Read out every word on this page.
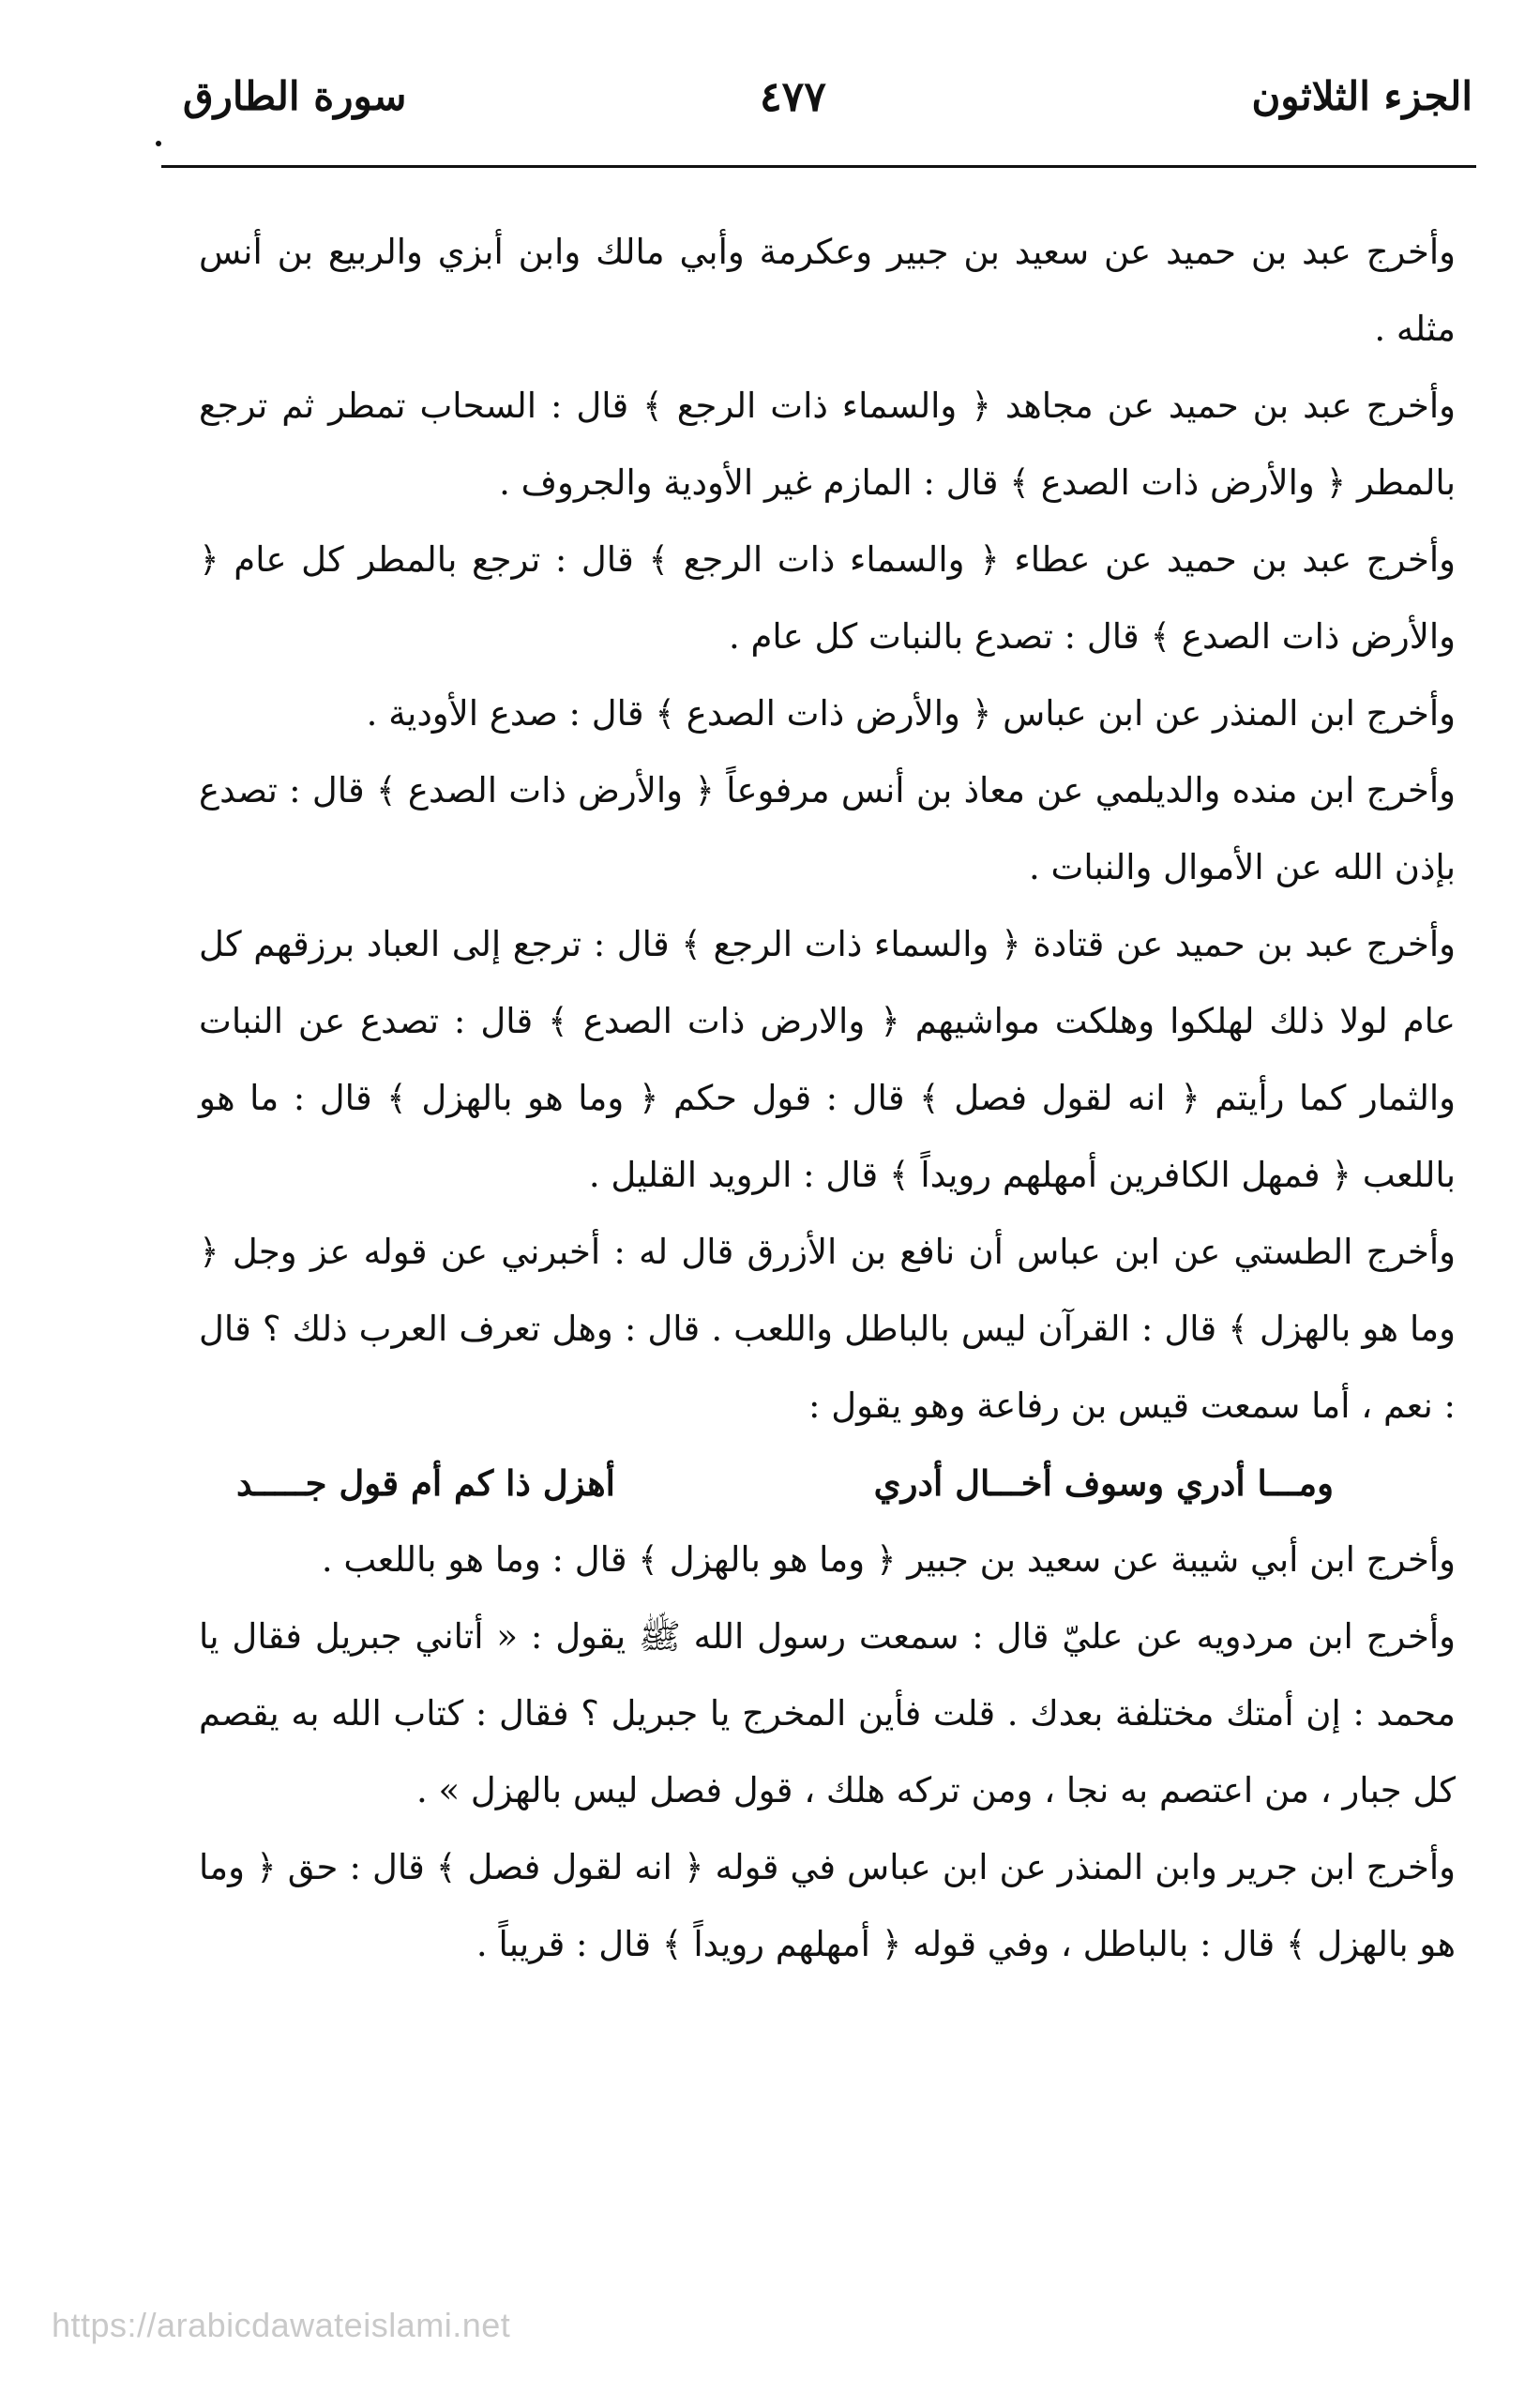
الجزء الثلاثون
٤٧٧
سورة الطارق

وأخرج عبد بن حميد عن سعيد بن جبير وعكرمة وأبي مالك وابن أبزي والربيع بن أنس مثله .

وأخرج عبد بن حميد عن مجاهد ﴿ والسماء ذات الرجع ﴾ قال : السحاب تمطر ثم ترجع بالمطر ﴿ والأرض ذات الصدع ﴾ قال : المازم غير الأودية والجروف .

وأخرج عبد بن حميد عن عطاء ﴿ والسماء ذات الرجع ﴾ قال : ترجع بالمطر كل عام ﴿ والأرض ذات الصدع ﴾ قال : تصدع بالنبات كل عام .

وأخرج ابن المنذر عن ابن عباس ﴿ والأرض ذات الصدع ﴾ قال : صدع الأودية .

وأخرج ابن منده والديلمي عن معاذ بن أنس مرفوعاً ﴿ والأرض ذات الصدع ﴾ قال : تصدع بإذن الله عن الأموال والنبات .

وأخرج عبد بن حميد عن قتادة ﴿ والسماء ذات الرجع ﴾ قال : ترجع إلى العباد برزقهم كل عام لولا ذلك لهلكوا وهلكت مواشيهم ﴿ والارض ذات الصدع ﴾ قال : تصدع عن النبات والثمار كما رأيتم ﴿ انه لقول فصل ﴾ قال : قول حكم ﴿ وما هو بالهزل ﴾ قال : ما هو باللعب ﴿ فمهل الكافرين أمهلهم رويداً ﴾ قال : الرويد القليل .

وأخرج الطستي عن ابن عباس أن نافع بن الأزرق قال له : أخبرني عن قوله عز وجل ﴿ وما هو بالهزل ﴾ قال : القرآن ليس بالباطل واللعب . قال : وهل تعرف العرب ذلك ؟ قال : نعم ، أما سمعت قيس بن رفاعة وهو يقول :

ومـــا أدري وسوف أخـــال أدري
أهزل ذا كم أم قول جـــــد

وأخرج ابن أبي شيبة عن سعيد بن جبير ﴿ وما هو بالهزل ﴾ قال : وما هو باللعب .

وأخرج ابن مردويه عن عليّ قال : سمعت رسول الله ﷺ يقول : « أتاني جبريل فقال يا محمد : إن أمتك مختلفة بعدك . قلت فأين المخرج يا جبريل ؟ فقال : كتاب الله به يقصم كل جبار ، من اعتصم به نجا ، ومن تركه هلك ، قول فصل ليس بالهزل » .

وأخرج ابن جرير وابن المنذر عن ابن عباس في قوله ﴿ انه لقول فصل ﴾ قال : حق ﴿ وما هو بالهزل ﴾ قال : بالباطل ، وفي قوله ﴿ أمهلهم رويداً ﴾ قال : قريباً .

https://arabicdawateislami.net
